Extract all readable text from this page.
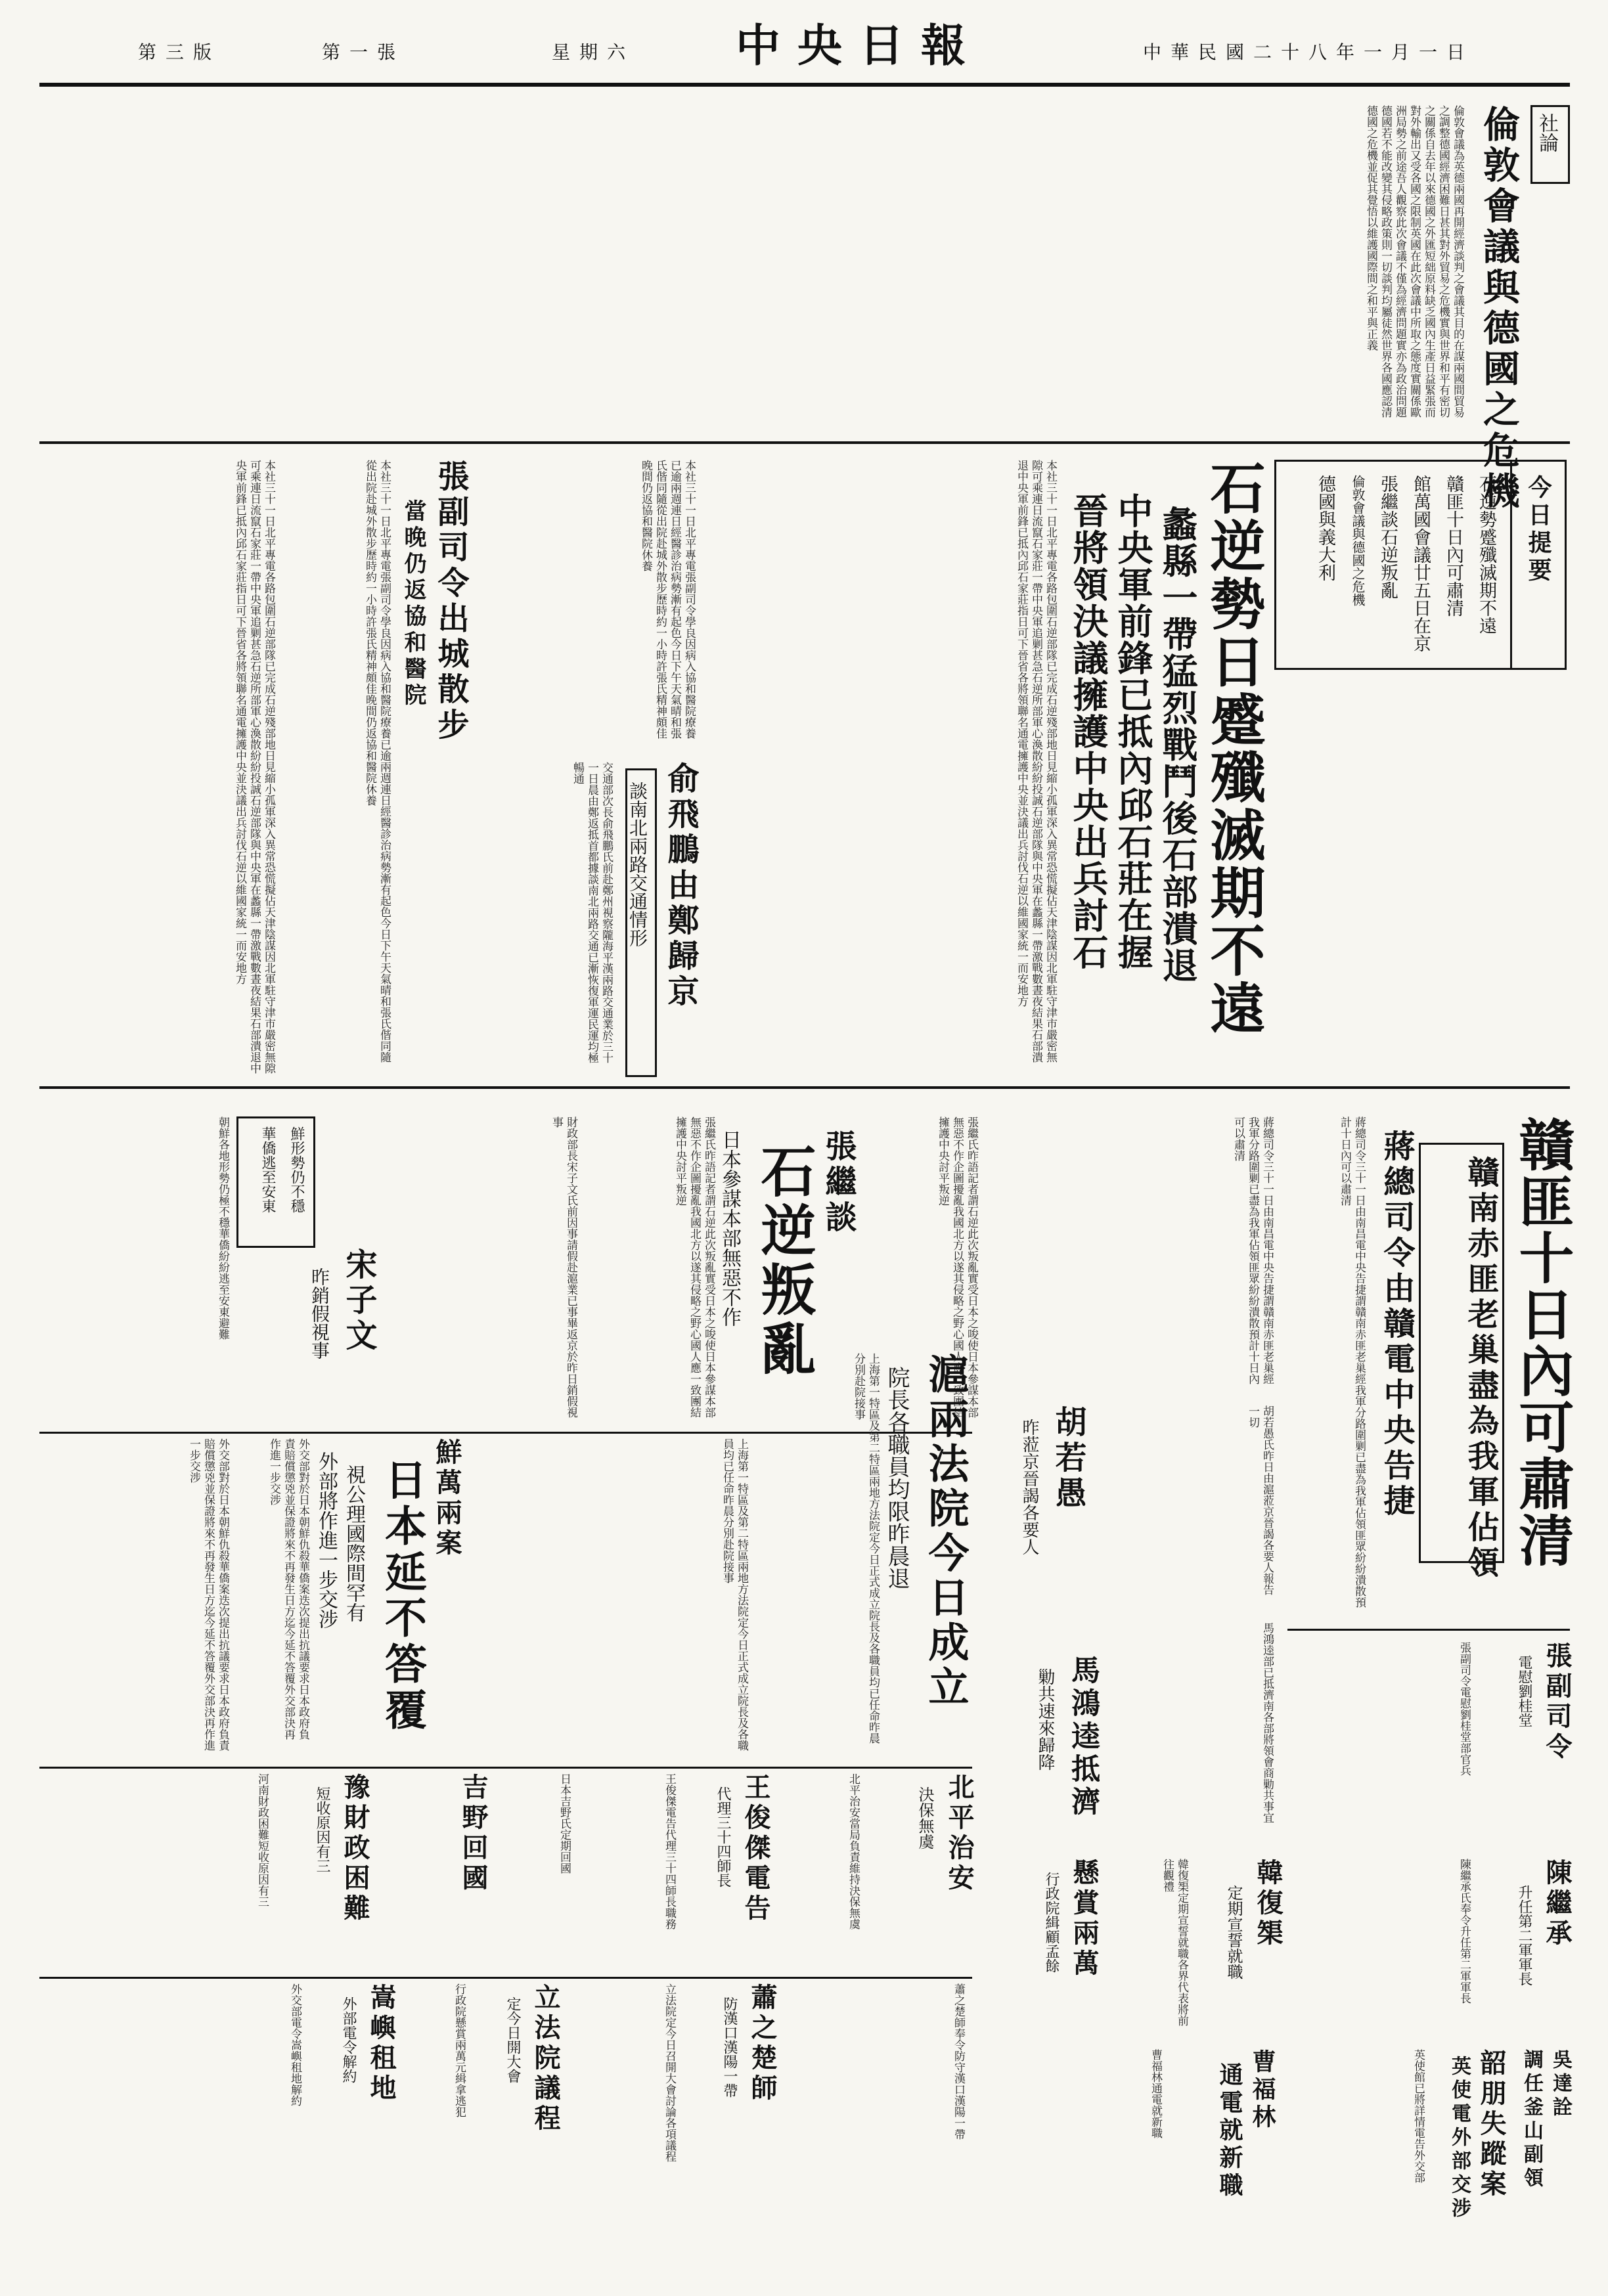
中華民國二十八年一月一日
中央日報
星期六
第一張
第三版
社論
倫敦會議與德國之危機
倫敦會議為英德兩國再開經濟談判之會議其目的在謀兩國間貿易之調整德國經濟困難日甚其對外貿易之危機實與世界和平有密切之關係自去年以來德國之外匯短絀原料缺乏國內生產日益緊張而對外輸出又受各國之限制英國在此次會議中所取之態度實關係歐洲局勢之前途吾人觀察此次會議不僅為經濟問題實亦為政治問題德國若不能改變其侵略政策則一切談判均屬徒然世界各國應認清德國之危機並促其覺悟以維護國際間之和平與正義
今日提要
石逆勢蹙殲滅期不遠
贛匪十日內可肅清
館萬國會議廿五日在京
張繼談石逆叛亂
倫敦會議與德國之危機
德國與義大利
石逆勢日蹙殲滅期不遠
蠡縣一帶猛烈戰鬥後石部潰退
中央軍前鋒已抵內邱石莊在握
晉將領決議擁護中央出兵討石
本社三十一日北平專電各路包圍石逆部隊已完成石逆殘部地日見縮小孤軍深入異常恐慌擬佔天津陰謀因北軍駐守津市嚴密無隙可乘連日流竄石家莊一帶中央軍追剿甚急石逆所部軍心渙散紛紛投誠石逆部隊與中央軍在蠡縣一帶激戰數晝夜結果石部潰退中央軍前鋒已抵內邱石家莊指日可下晉省各將領聯名通電擁護中央並決議出兵討伐石逆以維國家統一而安地方
張副司令出城散步
當晚仍返協和醫院
本社三十一日北平專電張副司令學良因病入協和醫院療養已逾兩週連日經醫診治病勢漸有起色今日下午天氣晴和張氏偕同隨從出院赴城外散步歷時約一小時許張氏精神頗佳晚間仍返協和醫院休養
俞飛鵬由鄭歸京
談南北兩路交通情形
交通部次長俞飛鵬氏前赴鄭州視察隴海平漢兩路交通業於三十一日晨由鄭返抵首都據談南北兩路交通已漸恢復軍運民運均極暢通
本社三十一日北平專電各路包圍石逆部隊已完成石逆殘部地日見縮小孤軍深入異常恐慌擬佔天津陰謀因北軍駐守津市嚴密無隙可乘連日流竄石家莊一帶中央軍追剿甚急石逆所部軍心渙散紛紛投誠石逆部隊與中央軍在蠡縣一帶激戰數晝夜結果石部潰退中央軍前鋒已抵內邱石家莊指日可下晉省各將領聯名通電擁護中央並決議出兵討伐石逆以維國家統一而安地方	本社三十一日北平專電張副司令學良因病入協和醫院療養已逾兩週連日經醫診治病勢漸有起色今日下午天氣晴和張氏偕同隨從出院赴城外散步歷時約一小時許張氏精神頗佳晚間仍返協和醫院休養
贛匪十日內可肅清
贛南赤匪老巢盡為我軍佔領
蔣總司令由贛電中央告捷
蔣總司令三十一日由南昌電中央告捷謂贛南赤匪老巢經我軍分路圍剿已盡為我軍佔領匪眾紛紛潰散預計十日內可以肅清
蔣總司令三十一日由南昌電中央告捷謂贛南赤匪老巢經我軍分路圍剿已盡為我軍佔領匪眾紛紛潰散預計十日內可以肅清
張繼談
石逆叛亂
日本參謀本部無惡不作
張繼氏昨語記者謂石逆此次叛亂實受日本之唆使日本參謀本部無惡不作企圖擾亂我國北方以遂其侵略之野心國人應一致團結擁護中央討平叛逆	張繼氏昨語記者謂石逆此次叛亂實受日本之唆使日本參謀本部無惡不作企圖擾亂我國北方以遂其侵略之野心國人應一致團結擁護中央討平叛逆
宋子文
昨銷假視事
鮮形勢仍不穩
華僑逃至安東
朝鮮各地形勢仍極不穩華僑紛紛逃至安東避難	財政部長宋子文氏前因事請假赴滬業已事畢返京於昨日銷假視事
鮮萬兩案
日本延不答覆
視公理國際間罕有
外部將作進一步交涉
外交部對於日本朝鮮仇殺華僑案迭次提出抗議要求日本政府負責賠償懲兇並保證將來不再發生日方迄今延不答覆外交部決再作進一步交涉
外交部對於日本朝鮮仇殺華僑案迭次提出抗議要求日本政府負責賠償懲兇並保證將來不再發生日方迄今延不答覆外交部決再作進一步交涉	滬兩法院今日成立
院長各職員均限昨晨退
上海第一特區及第二特區兩地方法院定今日正式成立院長及各職員均已任命昨晨分別赴院接事
上海第一特區及第二特區兩地方法院定今日正式成立院長及各職員均已任命昨晨分別赴院接事	胡若愚
昨蒞京晉謁各要人	胡若愚氏昨日由滬蒞京晉謁各要人報告一切
馬鴻逵抵濟
勦共速來歸降	馬鴻逵部已抵濟南各部將領會商勦共事宜	張副司令
電慰劉桂堂
張副司令電慰劉桂堂部官兵
陳繼承
升任第二軍軍長
陳繼承氏奉令升任第二軍軍長
韓復榘
定期宣誓就職
韓復榘定期宣誓就職各界代表將前往觀禮
懸賞兩萬
行政院緝顧孟餘
北平治安
決保無虞
北平治安當局負責維持決保無虞
王俊傑電告
代理三十四師長
王俊傑電告代理三十四師長職務
吉野回國	日本吉野氏定期回國
豫財政困難
短收原因有三
河南財政困難短收原因有三
蕭之楚師
防漢口漢陽一帶	蕭之楚師奉令防守漢口漢陽一帶
立法院議程
定今日開大會	立法院定今日召開大會討論各項議程
嵩嶼租地
外部電令解約
外交部電令嵩嶼租地解約	行政院懸賞兩萬元緝拿逃犯	曹福林
通電就新職
曹福林通電就新職	吳達詮
調任釜山副領
韶朋失蹤案
英使電外部交涉
英使館已將詳情電告外交部
